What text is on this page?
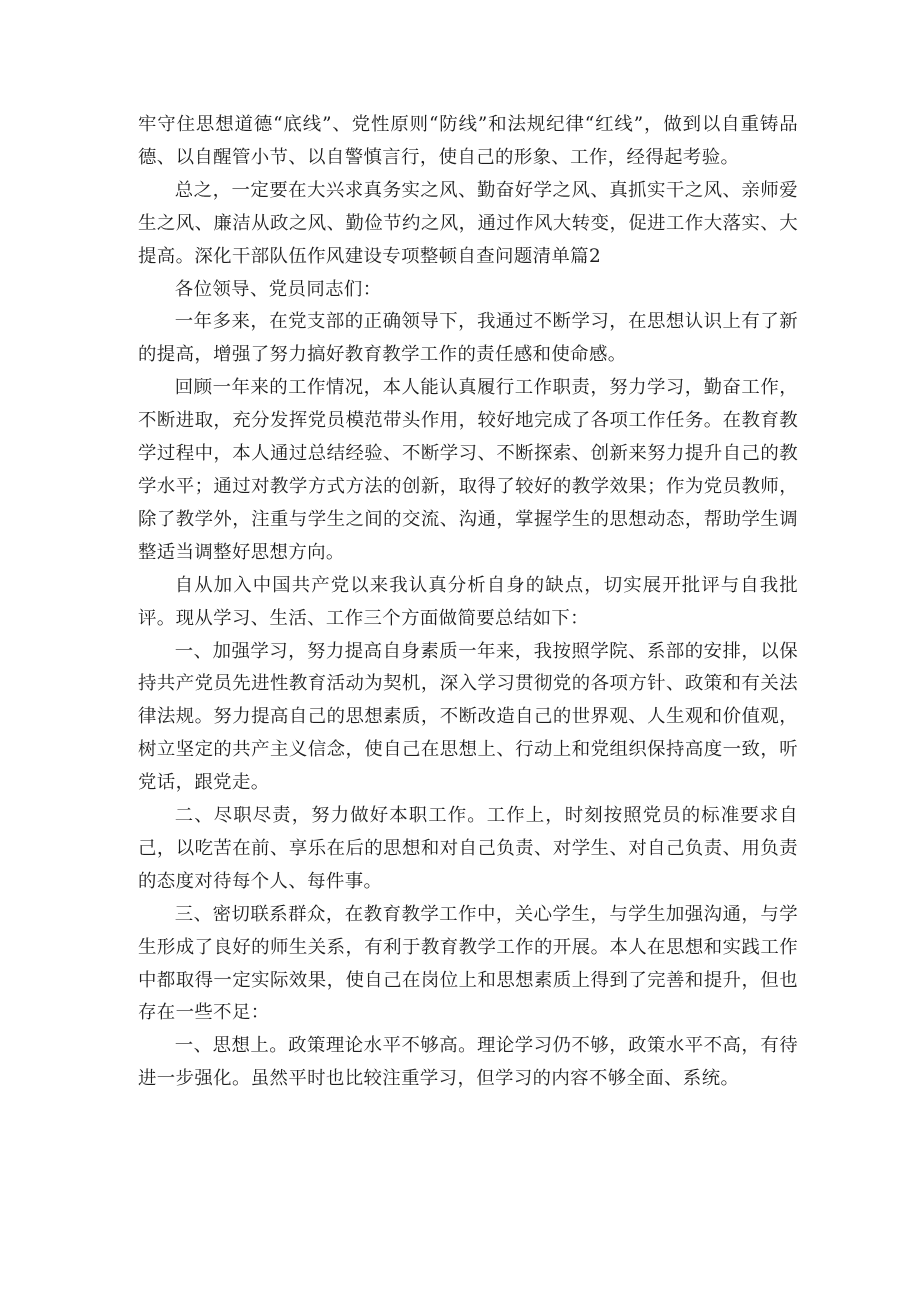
牢守住思想道德“底线”、党性原则“防线”和法规纪律“红线”，做到以自重铸品德、以自醒管小节、以自警慎言行，使自己的形象、工作，经得起考验。

总之，一定要在大兴求真务实之风、勤奋好学之风、真抓实干之风、亲师爱生之风、廉洁从政之风、勤俭节约之风，通过作风大转变，促进工作大落实、大提高。深化干部队伍作风建设专项整顿自查问题清单篇2

各位领导、党员同志们：

一年多来，在党支部的正确领导下，我通过不断学习，在思想认识上有了新的提高，增强了努力搞好教育教学工作的责任感和使命感。

回顾一年来的工作情况，本人能认真履行工作职责，努力学习，勤奋工作，不断进取，充分发挥党员模范带头作用，较好地完成了各项工作任务。在教育教学过程中，本人通过总结经验、不断学习、不断探索、创新来努力提升自己的教学水平；通过对教学方式方法的创新，取得了较好的教学效果；作为党员教师，除了教学外，注重与学生之间的交流、沟通，掌握学生的思想动态，帮助学生调整适当调整好思想方向。

自从加入中国共产党以来我认真分析自身的缺点，切实展开批评与自我批评。现从学习、生活、工作三个方面做简要总结如下：

一、加强学习，努力提高自身素质一年来，我按照学院、系部的安排，以保持共产党员先进性教育活动为契机，深入学习贯彻党的各项方针、政策和有关法律法规。努力提高自己的思想素质，不断改造自己的世界观、人生观和价值观，树立坚定的共产主义信念，使自己在思想上、行动上和党组织保持高度一致，听党话，跟党走。

二、尽职尽责，努力做好本职工作。工作上，时刻按照党员的标准要求自己，以吃苦在前、享乐在后的思想和对自己负责、对学生、对自己负责、用负责的态度对待每个人、每件事。

三、密切联系群众，在教育教学工作中，关心学生，与学生加强沟通，与学生形成了良好的师生关系，有利于教育教学工作的开展。本人在思想和实践工作中都取得一定实际效果，使自己在岗位上和思想素质上得到了完善和提升，但也存在一些不足：

一、思想上。政策理论水平不够高。理论学习仍不够，政策水平不高，有待进一步强化。虽然平时也比较注重学习，但学习的内容不够全面、系统。
